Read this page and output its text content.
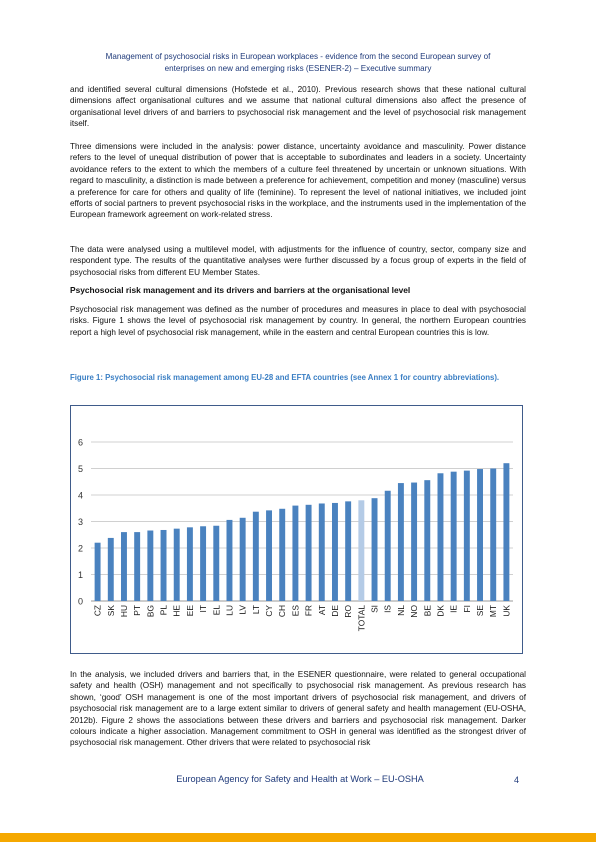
Management of psychosocial risks in European workplaces - evidence from the second European survey of
enterprises on new and emerging risks (ESENER-2) – Executive summary

and identified several cultural dimensions (Hofstede et al., 2010). Previous research shows that these national cultural dimensions affect organisational cultures and we assume that national cultural dimensions also affect the presence of organisational level drivers of and barriers to psychosocial risk management and the level of psychosocial risk management itself.

Three dimensions were included in the analysis: power distance, uncertainty avoidance and masculinity. Power distance refers to the level of unequal distribution of power that is acceptable to subordinates and leaders in a society. Uncertainty avoidance refers to the extent to which the members of a culture feel threatened by uncertain or unknown situations. With regard to masculinity, a distinction is made between a preference for achievement, competition and money (masculine) versus a preference for care for others and quality of life (feminine). To represent the level of national initiatives, we included joint efforts of social partners to prevent psychosocial risks in the workplace, and the instruments used in the implementation of the European framework agreement on work-related stress.

The data were analysed using a multilevel model, with adjustments for the influence of country, sector, company size and respondent type. The results of the quantitative analyses were further discussed by a focus group of experts in the field of psychosocial risks from different EU Member States.

Psychosocial risk management and its drivers and barriers at the organisational level

Psychosocial risk management was defined as the number of procedures and measures in place to deal with psychosocial risks. Figure 1 shows the level of psychosocial risk management by country. In general, the northern European countries report a high level of psychosocial risk management, while in the eastern and central European countries this is low.

Figure 1: Psychosocial risk management among EU-28 and EFTA countries (see Annex 1 for country abbreviations).

0
1
2
3
4
5
6
CZ SK HU PT BG PL HE EE IT EL LU LV LT CY CH ES FR AT DE RO TOTAL SI IS NL NO BE DK IE FI SE MT UK

In the analysis, we included drivers and barriers that, in the ESENER questionnaire, were related to general occupational safety and health (OSH) management and not specifically to psychosocial risk management. As previous research has shown, ‘good’ OSH management is one of the most important drivers of psychosocial risk management, and drivers of psychosocial risk management are to a large extent similar to drivers of general safety and health management (EU-OSHA, 2012b). Figure 2 shows the associations between these drivers and barriers and psychosocial risk management. Darker colours indicate a higher association. Management commitment to OSH in general was identified as the strongest driver of psychosocial risk management. Other drivers that were related to psychosocial risk

European Agency for Safety and Health at Work – EU-OSHA	4
